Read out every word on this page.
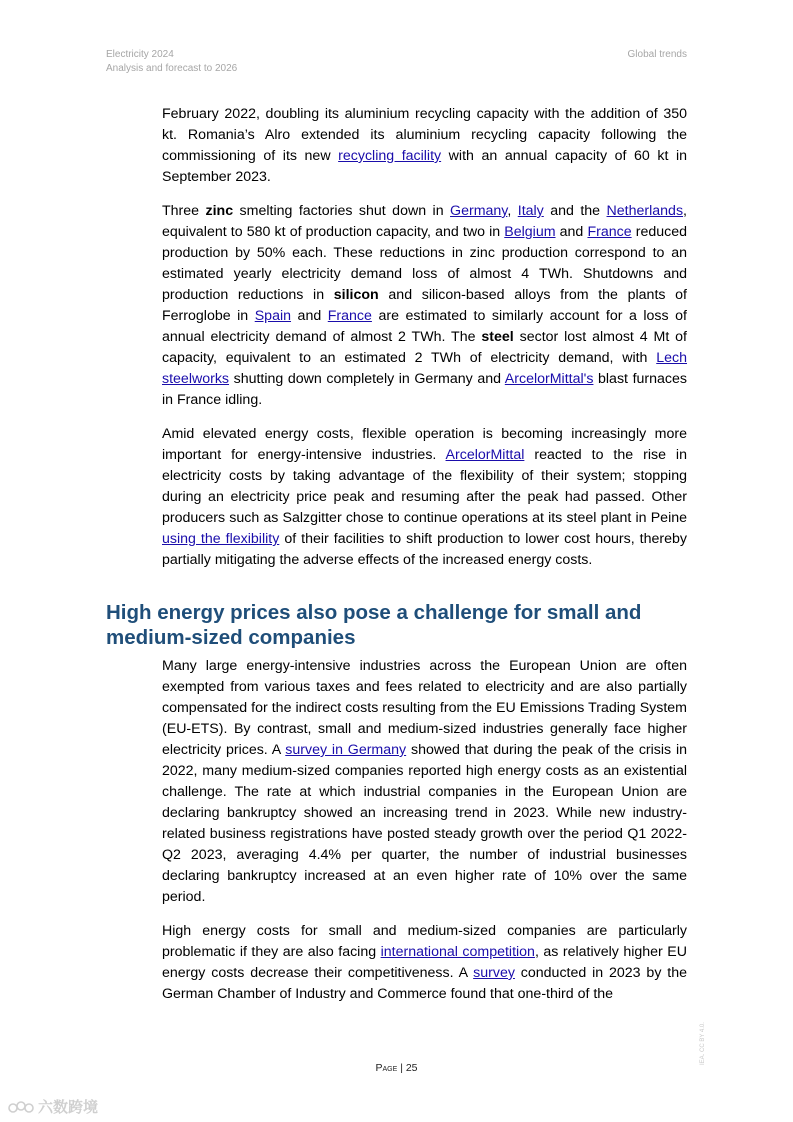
Electricity 2024
Analysis and forecast to 2026
Global trends

February 2022, doubling its aluminium recycling capacity with the addition of 350 kt. Romania’s Alro extended its aluminium recycling capacity following the commissioning of its new recycling facility with an annual capacity of 60 kt in September 2023.

Three zinc smelting factories shut down in Germany, Italy and the Netherlands, equivalent to 580 kt of production capacity, and two in Belgium and France reduced production by 50% each. These reductions in zinc production correspond to an estimated yearly electricity demand loss of almost 4 TWh. Shutdowns and production reductions in silicon and silicon-based alloys from the plants of Ferroglobe in Spain and France are estimated to similarly account for a loss of annual electricity demand of almost 2 TWh. The steel sector lost almost 4 Mt of capacity, equivalent to an estimated 2 TWh of electricity demand, with Lech steelworks shutting down completely in Germany and ArcelorMittal's blast furnaces in France idling.

Amid elevated energy costs, flexible operation is becoming increasingly more important for energy-intensive industries. ArcelorMittal reacted to the rise in electricity costs by taking advantage of the flexibility of their system; stopping during an electricity price peak and resuming after the peak had passed. Other producers such as Salzgitter chose to continue operations at its steel plant in Peine using the flexibility of their facilities to shift production to lower cost hours, thereby partially mitigating the adverse effects of the increased energy costs.

High energy prices also pose a challenge for small and medium-sized companies

Many large energy-intensive industries across the European Union are often exempted from various taxes and fees related to electricity and are also partially compensated for the indirect costs resulting from the EU Emissions Trading System (EU-ETS). By contrast, small and medium-sized industries generally face higher electricity prices. A survey in Germany showed that during the peak of the crisis in 2022, many medium-sized companies reported high energy costs as an existential challenge. The rate at which industrial companies in the European Union are declaring bankruptcy showed an increasing trend in 2023. While new industry-related business registrations have posted steady growth over the period Q1 2022-Q2 2023, averaging 4.4% per quarter, the number of industrial businesses declaring bankruptcy increased at an even higher rate of 10% over the same period.

High energy costs for small and medium-sized companies are particularly problematic if they are also facing international competition, as relatively higher EU energy costs decrease their competitiveness. A survey conducted in 2023 by the German Chamber of Industry and Commerce found that one-third of the

Page | 25
IEA. CC BY 4.0.
六数跨境
